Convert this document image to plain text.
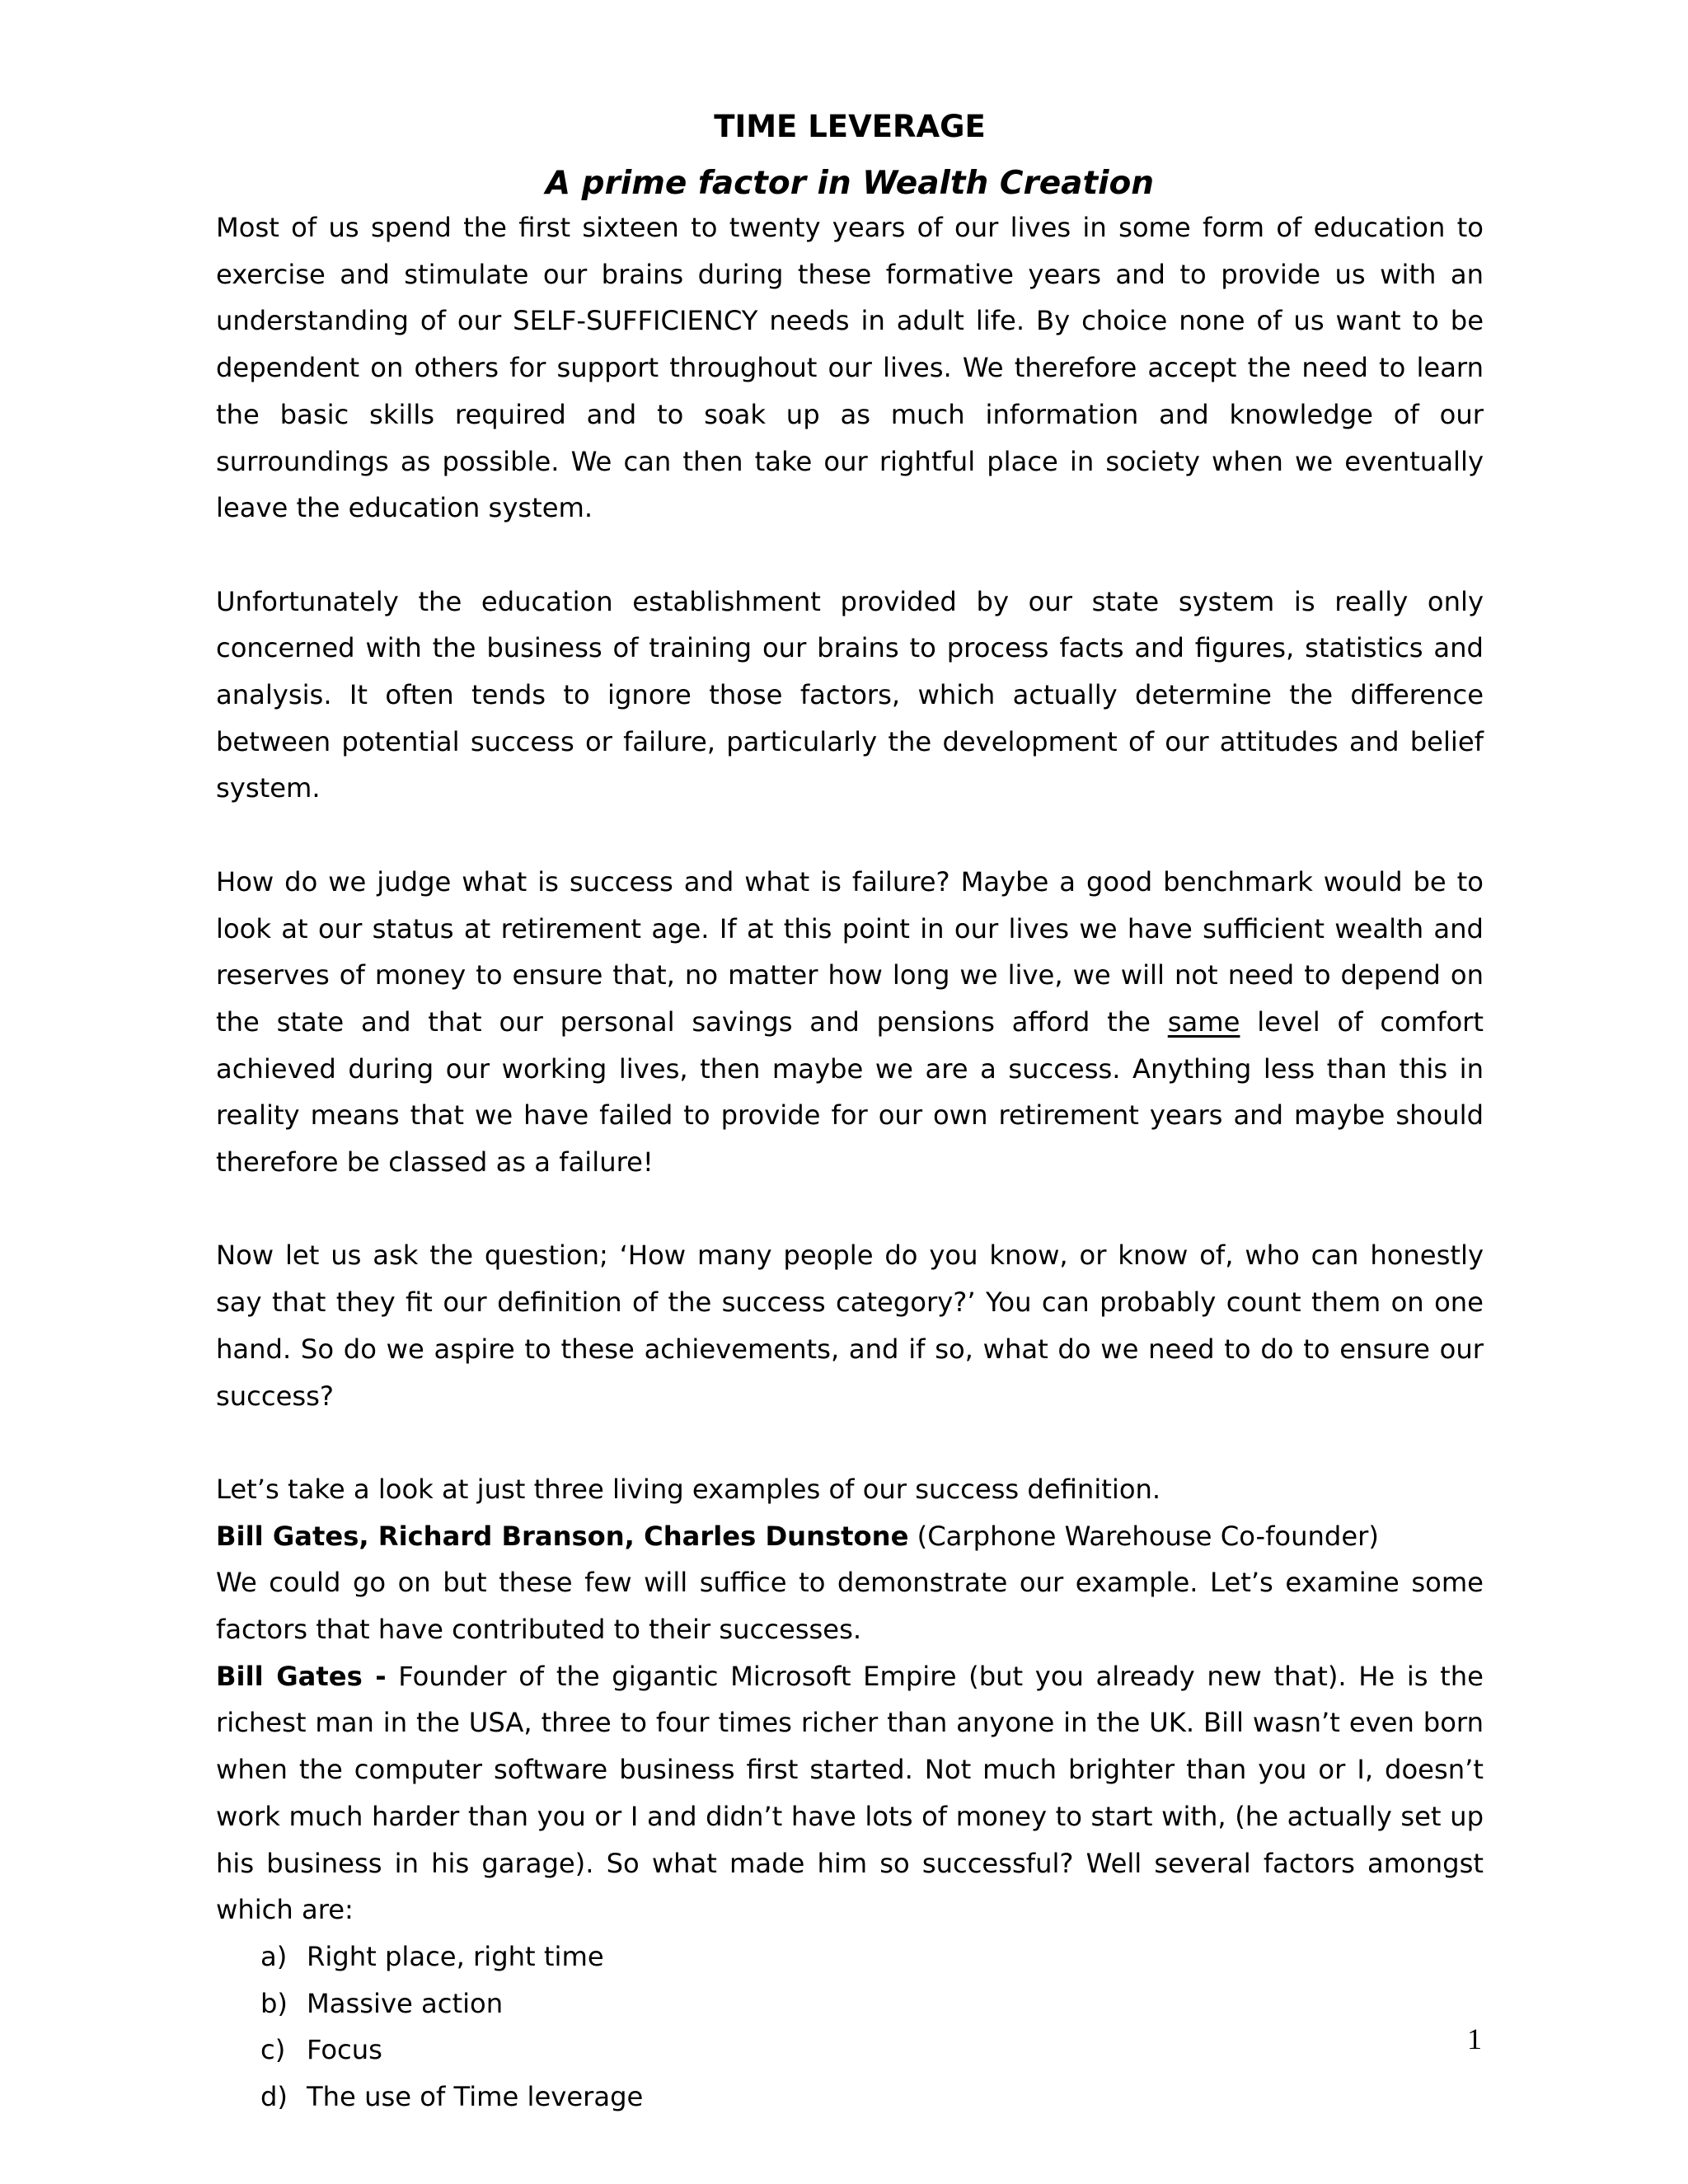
TIME LEVERAGE
A prime factor in Wealth Creation

Most of us spend the first sixteen to twenty years of our lives in some form of education to exercise and stimulate our brains during these formative years and to provide us with an understanding of our SELF-SUFFICIENCY needs in adult life. By choice none of us want to be dependent on others for support throughout our lives. We therefore accept the need to learn the basic skills required and to soak up as much information and knowledge of our surroundings as possible. We can then take our rightful place in society when we eventually leave the education system.

Unfortunately the education establishment provided by our state system is really only concerned with the business of training our brains to process facts and figures, statistics and analysis. It often tends to ignore those factors, which actually determine the difference between potential success or failure, particularly the development of our attitudes and belief system.

How do we judge what is success and what is failure? Maybe a good benchmark would be to look at our status at retirement age. If at this point in our lives we have sufficient wealth and reserves of money to ensure that, no matter how long we live, we will not need to depend on the state and that our personal savings and pensions afford the same level of comfort achieved during our working lives, then maybe we are a success. Anything less than this in reality means that we have failed to provide for our own retirement years and maybe should therefore be classed as a failure!

Now let us ask the question; ‘How many people do you know, or know of, who can honestly say that they fit our definition of the success category?’ You can probably count them on one hand. So do we aspire to these achievements, and if so, what do we need to do to ensure our success?

Let’s take a look at just three living examples of our success definition.

Bill Gates, Richard Branson, Charles Dunstone (Carphone Warehouse Co-founder)

We could go on but these few will suffice to demonstrate our example. Let’s examine some factors that have contributed to their successes.

Bill Gates - Founder of the gigantic Microsoft Empire (but you already new that). He is the richest man in the USA, three to four times richer than anyone in the UK. Bill wasn’t even born when the computer software business first started. Not much brighter than you or I, doesn’t work much harder than you or I and didn’t have lots of money to start with, (he actually set up his business in his garage). So what made him so successful? Well several factors amongst which are:

a) Right place, right time
b) Massive action
c) Focus
d) The use of Time leverage
1
